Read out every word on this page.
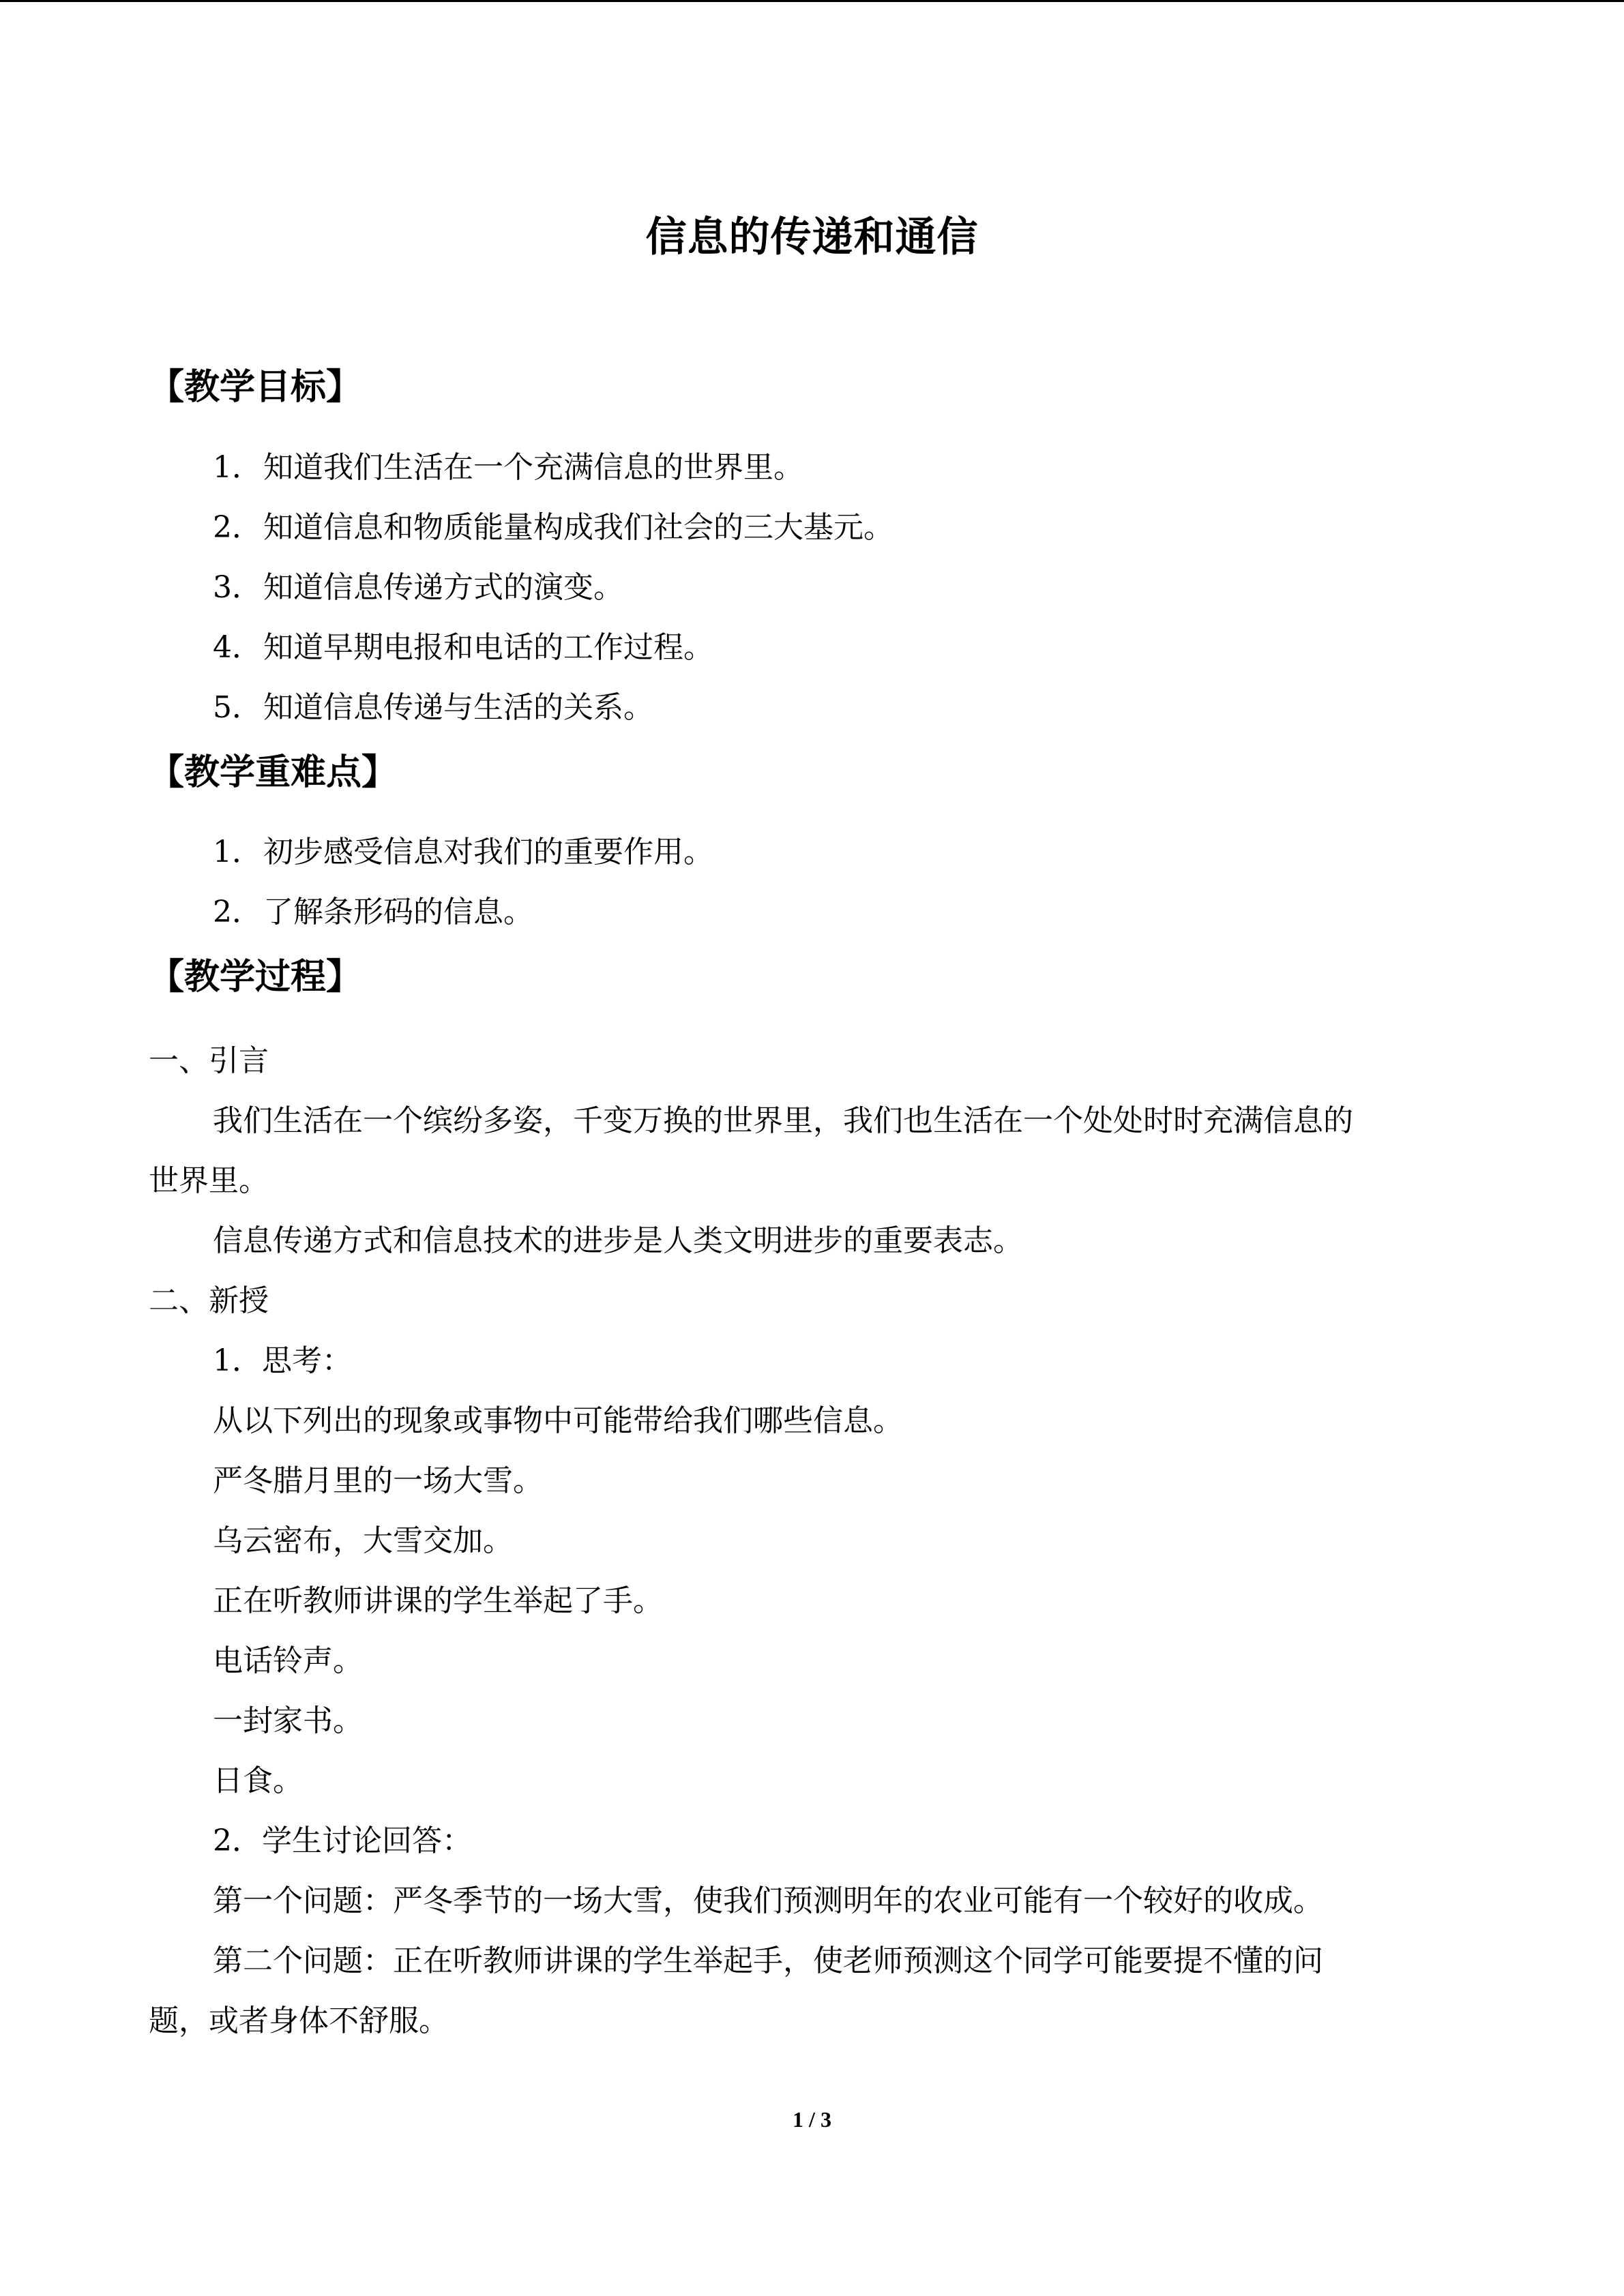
信息的传递和通信
【教学目标】
1．知道我们生活在一个充满信息的世界里。
2．知道信息和物质能量构成我们社会的三大基元。
3．知道信息传递方式的演变。
4．知道早期电报和电话的工作过程。
5．知道信息传递与生活的关系。
【教学重难点】
1．初步感受信息对我们的重要作用。
2．了解条形码的信息。
【教学过程】
一、引言
我们生活在一个缤纷多姿，千变万换的世界里，我们也生活在一个处处时时充满信息的
世界里。
信息传递方式和信息技术的进步是人类文明进步的重要表志。
二、新授
1．思考：
从以下列出的现象或事物中可能带给我们哪些信息。
严冬腊月里的一场大雪。
乌云密布，大雪交加。
正在听教师讲课的学生举起了手。
电话铃声。
一封家书。
日食。
2．学生讨论回答：
第一个问题：严冬季节的一场大雪，使我们预测明年的农业可能有一个较好的收成。
第二个问题：正在听教师讲课的学生举起手，使老师预测这个同学可能要提不懂的问
题，或者身体不舒服。
1 / 3
